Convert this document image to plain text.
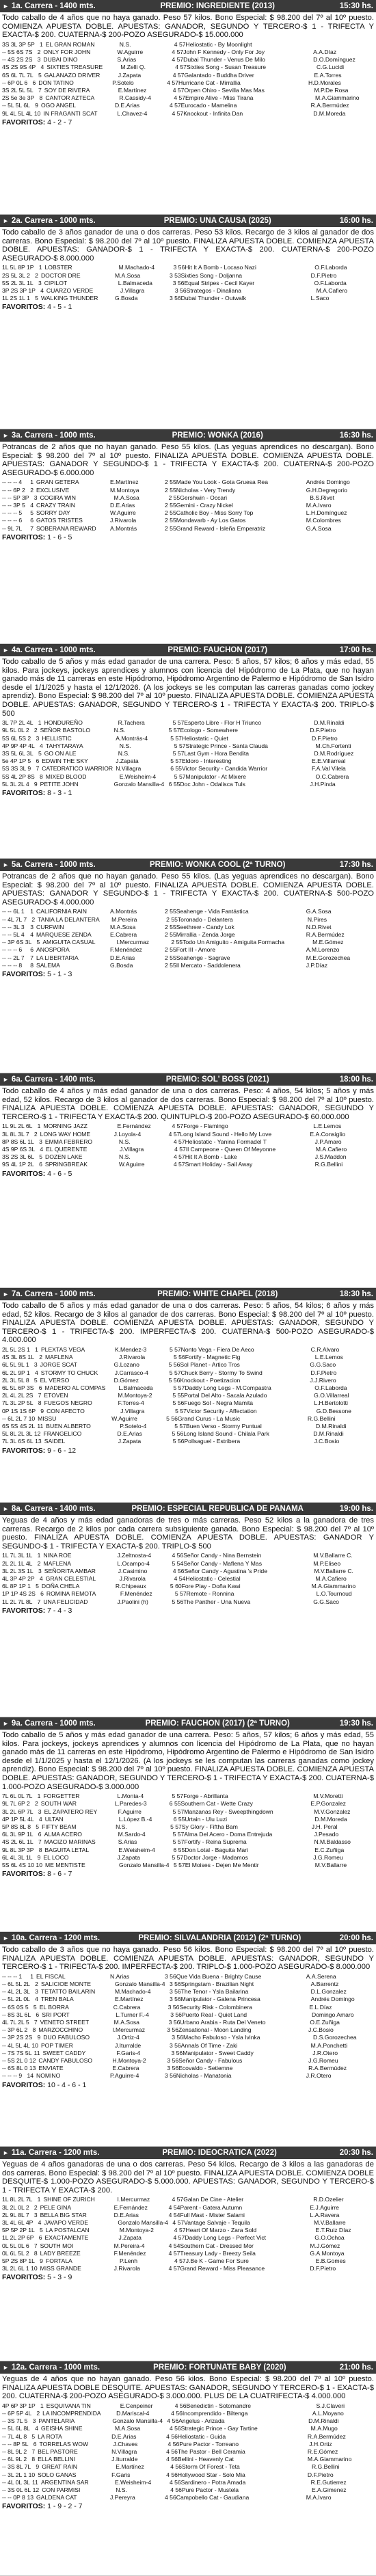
► 1a. Carrera - 1400 mts.	PREMIO: INGREDIENTE (2013)	15:30 hs.
Todo caballo de 4 años que no haya ganado. Peso 57 kilos. Bono Especial: $ 98.200 del 7º al 10º puesto. COMIENZA APUESTA DOBLE. APUESTAS: GANADOR, SEGUNDO Y TERCERO-$ 1 - TRIFECTA Y EXACTA-$ 200. CUATERNA-$ 200-POZO ASEGURADO-$ 15.000.000
3S 3L 3P 5P 1 EL GRAN ROMAN	N.S.	4 57 Heliostatic - By Moonlight
-- 5S 6S 7S 2 ONLY FOR JOHN	W.Aguirre	4 57 John F Kennedy - Only For Joy	A.A.Díaz
-- 4S 2S 2S 3 DUBAI DINO	S.Arias	4 57 Dubai Thunder - Venus De Milo	D.O.Domínguez
4S 2S 9S 4P 4 SIXTIES TREASURE	M.Zelli Q.	4 57 Sixties Song - Susan Treasure	C.G.Lucidi
6S 6L 7L 7L 5 GALANAZO DRIVER	J.Zapata	4 57 Galantado - Buddha Driver	E.A.Torres
-- 6P 0L 6 6 DON TATINO	P.Sotelo	4 57 Hurricane Cat - Mirrallia	H.D.Morales
3S 2L 5L 5L 7 SOY DE RIVERA	E.Martínez	4 57 Orpen Ohiro - Sevilla Mas Mas	M.P.De Rosa
2S 5e 3e 3P 8 CANTOR AZTECA	R.Cassidy-4	4 57 Empire Alive - Miss Tirana	M.A.Giammarino
-- 5L 5L 6L 9 OGO ANGEL	D.E.Arias	4 57 Eurocado - Mamelina	R.A.Bermúdez
9L 4L 5L 4L 10 IN FRAGANTI SCAT	L.Chavez-4	4 57 Knockout - Infinita Dan	D.M.Moreda
FAVORITOS: 4 - 2 - 7
► 2a. Carrera - 1000 mts.	PREMIO: UNA CAUSA (2025)	16:00 hs.
Todo caballo de 3 años ganador de una o dos carreras. Peso 53 kilos. Recargo de 3 kilos al ganador de dos carreras. Bono Especial: $ 98.200 del 7º al 10º puesto. FINALIZA APUESTA DOBLE. COMIENZA APUESTA DOBLE. APUESTAS: GANADOR-$ 1 - TRIFECTA Y EXACTA-$ 200. CUATERNA-$ 200-POZO ASEGURADO-$ 8.000.000
1L 5L 8P 1P 1 LOBSTER	M.Machado-4	3 56 Hit It A Bomb - Locaso Nazi	O.F.Laborda
2S 5L 3L 2 2 DOCTOR DRE	M.A.Sosa	3 53 Sixties Song - Doljanna	D.F.Pietro
5S 2L 3L 1L 3 CIPILOT	L.Balmaceda	3 56 Equal Stripes - Cecil Kayer	O.F.Laborda
3P 2S 3P 1P 4 CUARZO VERDE	J.Villagra	3 56 Strategos - Dinaliana	M.A.Cafiero
1L 2S 1L 1 5 WALKING THUNDER	G.Bosda	3 56 Dubai Thunder - Outwalk	L.Saco
FAVORITOS: 4 - 5 - 1
► 3a. Carrera - 1000 mts.	PREMIO: WONKA (2016)	16:30 hs.
Potrancas de 2 años que no hayan ganado. Peso 55 kilos. (Las yeguas aprendices no descargan). Bono Especial: $ 98.200 del 7º al 10º puesto. FINALIZA APUESTA DOBLE. COMIENZA APUESTA DOBLE. APUESTAS: GANADOR Y SEGUNDO-$ 1 - TRIFECTA Y EXACTA-$ 200. CUATERNA-$ 200-POZO ASEGURADO-$ 6.000.000
-- -- -- 4	1 GRAN GETERA	E.Martínez	2 55 Made You Look - Gota Gruesa Rea	Andrés Domingo
-- -- 6P 2 2 EXCLUSIVE	M.Montoya	2 55 Nicholas - Very Trendy	G.H.Degregorio
-- -- 5P 3P 3 COGIRA WIN	M.A.Sosa	2 55 Gershwin - Occari	B.S.Rivet
-- -- 3P 5 4 CRAZY TRAIN	D.E.Arias	2 55 Gemini - Crazy Nickel	M.A.Ivaro
-- -- -- 5	5 SORRY DAY	W.Aguirre	2 55 Catholic Boy - Miss Sorry Top	L.H.Domínguez
-- -- -- 6	6 GATOS TRISTES	J.Rivarola	2 55 Mondavarb - Ay Los Gatos	M.Colombres
-- 9L 7L	7 SOBERANA REWARD	A.Montrás	2 55 Grand Reward - Isleña Emperatriz	G.A.Sosa
FAVORITOS: 1 - 6 - 5
► 4a. Carrera - 1000 mts.	PREMIO: FAUCHON (2017)	17:00 hs.
Todo caballo de 5 años y más edad ganador de una carrera. Peso: 5 años, 57 kilos; 6 años y más edad, 55 kilos. Para jockeys, jockeys aprendices y alumnos con licencia del Hipódromo de La Plata, que no hayan ganado más de 11 carreras en este Hipódromo, Hipódromo Argentino de Palermo e Hipódromo de San Isidro desde el 1/1/2025 y hasta el 12/1/2026. (A los jockeys se les computan las carreras ganadas como jockey aprendiz). Bono Especial: $ 98.200 del 7º al 10º puesto. FINALIZA APUESTA DOBLE. COMIENZA APUESTA DOBLE. APUESTAS: GANADOR, SEGUNDO Y TERCERO-$ 1 - TRIFECTA Y EXACTA-$ 200. TRIPLO-$ 500
3L 7P 2L 4L 1 HONDUREÑO	R.Tachera	5 57 Esperto Libre - Flor H Triunco	D.M.Rinaldi
9L 5L 0L 2 2 SEÑOR BASTOLO	N.S.	5 57 Ecologo - Somewhere	D.F.Pietro
5S 6L 5S 2 3 HELLISTIC	A.Montrás-4	5 57 Heliostatic - Quiet	D.F.Pietro
4P 9P 4P 4L 4 TAHYTARAYA	N.S.	5 57 Strategic Prince - Santa Clauda	M.Ch.Fortenti
3S 5L 6L 3L 5 GO ON ALE	N.S.	5 57 Last Gym - Hora Bendita	D.M.Rodríguez
5e 4P 1P 5 6 EDWIN THE SKY	J.Zapata	5 57 Eldoro - Interesting	E.E.Villarreal
5S 3S 3L 9 7 CATEDRATICO WARRIOR N.Villagra	6 55 Victor Security - Candida Warrior	F.A.Val Vilela
5S 4L 2P 8S 8 MIXED BLOOD	E.Weisheim-4	5 57 Manipulator - At Mixere	O.C.Cabrera
5L 3L 2L 4 9 PETITE JOHN	Gonzalo Mansilla-4 6 55 Doc John - Odalisca Tuls	J.H.Pinda
FAVORITOS: 8 - 3 - 1
► 5a. Carrera - 1000 mts.	PREMIO: WONKA COOL (2ª TURNO)	17:30 hs.
Potrancas de 2 años que no hayan ganado. Peso 55 kilos. (Las yeguas aprendices no descargan). Bono Especial: $ 98.200 del 7º al 10º puesto. FINALIZA APUESTA DOBLE. COMIENZA APUESTA DOBLE. APUESTAS: GANADOR Y SEGUNDO-$ 1 - TRIFECTA Y EXACTA-$ 200. CUATERNA-$ 500-POZO ASEGURADO-$ 4.000.000
-- -- 6L 1 1 CALIFORNIA RAIN	A.Montrás	2 55 Seahenge - Vida Fantástica	G.A.Sosa
-- 4L 7L 7 2 TANIA LA DELANTERA	M.Pereira	2 55 Toronado - Delantera	N.Pires
-- -- 3L 3 3 CURFWIN	M.A.Sosa	2 55 Seethrew - Candy Lok	N.D.Rivet
-- -- 5L 4 4 MARQUESE ZENDA	E.Cabrera	2 55 Mirrallia - Zenda Jorge	R.A.Bermúdez
-- 3P 6S 3L 5 AMIGUITA CASUAL	I.Mercurmaz	2 55 Todo Un Amiguito - Amiguita Formacha	M.E.Gómez
-- -- -- 6	6 ANOSPORA	F.Menéndez	2 55 Fort III - Amore	A.M.Lorenzo
-- -- 2L 7 7 LA LIBERTARIA	D.E.Arias	2 55 Seahenge - Sagrave	M.E.Gorozechea
-- -- -- 8	8 SALEMA	G.Bosda	2 55 Il Mercato - Saddolenera	J.P.Díaz
FAVORITOS: 5 - 1 - 3
► 6a. Carrera - 1400 mts.	PREMIO: SOL' BOSS (2021)	18:00 hs.
Todo caballo de 4 años y más edad ganador de una o dos carreras. Peso: 4 años, 54 kilos; 5 años y más edad, 52 kilos. Recargo de 3 kilos al ganador de dos carreras. Bono Especial: $ 98.200 del 7º al 10º puesto. FINALIZA APUESTA DOBLE. COMIENZA APUESTA DOBLE. APUESTAS: GANADOR, SEGUNDO Y TERCERO-$ 1 - TRIFECTA Y EXACTA-$ 200. QUINTUPLO-$ 200-POZO ASEGURADO-$ 60.000.000
1L 9L 2L 6L 1 MORNING JAZZ	E.Fernández	4 57 Forge - Flamingo	L.E.Lemos
3L 8L 3L 7 2 LONG WAY HOME	J.Loyola-4	4 57 Long Island Sound - Hello My Love	E.A.Consiglio
8P 8S 6L 1L 3 EMMA FEBRERO	N.S.	4 57 Heliostatic - Yanina Formadel T	J.P.Amaro
4S 9P 6S 3L 4 EL QUERENTE	J.Villagra	4 57 Il Campeone - Queen Of Meyonne	M.A.Cafiero
3S 2S 3L 6L 5 DOZEN LAKE	N.S.	4 57 Hit It A Bomb - Lake	J.S.Maddon
9S 4L 1P 2L 6 SPRINGBREAK	W.Aguirre	4 57 Smart Holiday - Sail Away	R.G.Bellini
FAVORITOS: 4 - 6 - 5
► 7a. Carrera - 1000 mts.	PREMIO: WHITE CHAPEL (2018)	18:30 hs.
Todo caballo de 5 años y más edad ganador de una o dos carreras. Peso: 5 años, 54 kilos; 6 años y más edad, 52 kilos. Recargo de 3 kilos al ganador de dos carreras. Bono Especial: $ 98.200 del 7º al 10º puesto. FINALIZA APUESTA DOBLE. COMIENZA APUESTA DOBLE. APUESTAS: GANADOR, SEGUNDO Y TERCERO-$ 1 - TRIFECTA-$ 200. IMPERFECTA-$ 200. CUATERNA-$ 500-POZO ASEGURADO-$ 4.000.000
2L 5L 2S 1 1 PLEXTAS VEGA	K.Mendez-3	5 57 Nonto Vega - Fiera De Aeco	C.R.Alvaro
4S 3L 8S 1L 2 MAFLENA	J.Rivarola	5 56 Fortify - Magnetic Fig	L.E.Lemos
6L 5L 9L 1 3 JORGE SCAT	G.Lozano	5 56 Sol Planet - Artico Tros	G.G.Saco
6L 2L 9P 1 4 STORMY TO CHUCK	J.Carrasco-4	5 57 Chuck Berry - Stormy To Swind	D.F.Pietro
2L 3L 5L 8 5 EL VERSO	D.Gómez	5 56 Knockout - Poetizacion	J.J.Rivero
6L 5L 6P 3S 6 MADERO AL COMPAS	L.Balmaceda	5 57 Daddy Long Legs - M.Compastra	O.F.Laborda
2L 4L 2L 2S 7 ETOVEN	M.Montoya-2	5 55 Portal Del Alto - Sacala Azulado	G.O.Villarreal
7L 3L 2P 5L 8 FUEGOS NEGRO	F.Torres-4	5 56 Fuego Sol - Negra Mamita	L.H.Bertolotti
0P 1S 1S 6P 9 CON AFECTO	J.Villagra	5 57 Victor Security - Affectation	G.D.Bessone
-- 6L 2L 7 10 MISSU	W.Aguirre	5 56 Grand Curus - La Music	R.G.Bellini
6S 5S 4S 2L 11 BUEN ALBERTO	P.Sotelo-4	5 57 Buen Verso - Stormy Puntual	D.M.Rinaldi
5L 8L 2L 3L 12 FRANGELICO	D.E.Arias	5 56 Long Island Sound - Chilala Park	D.M.Rinaldi
7L 3L 6S 6L 13 SAIDEL	J.Zapata	5 56 Pollsaguel - Estribera	J.C.Bosio
FAVORITOS: 9 - 6 - 12
► 8a. Carrera - 1400 mts.	PREMIO: ESPECIAL REPUBLICA DE PANAMA	19:00 hs.
Yeguas de 4 años y más edad ganadoras de tres o más carreras. Peso 52 kilos a la ganadora de tres carreras. Recargo de 2 kilos por cada carrera subsiguiente ganada. Bono Especial: $ 98.200 del 7º al 10º puesto. FINALIZA APUESTA DOBLE. COMIENZA APUESTA DOBLE. APUESTAS: GANADOR Y SEGUNDO-$ 1 - TRIFECTA Y EXACTA-$ 200. TRIPLO-$ 500
1L 7L 3L 1L 1 NINA ROE	J.Zeltnosta-4	4 56 Señor Candy - Nina Bernstein	M.V.Ballarre C.
2L 2L 1L 4L 2 MAFLENA	L.Ocampo-4	5 54 Señor Candy - Maflena Y Mas	M.P.Eliseo
3L 2L 3S 1L 3 SEÑORITA AMBAR	J.Casimino	4 56 Señor Candy - Agustina 's Pride	M.V.Ballarre C.
4L 3P 4P 2P 4 GRAN CELESTIAL	J.Rivarola	4 54 Heliostatic - Celestial	M.A.Cafiero
6L 8P 1P 1 5 DOÑA CHELA	R.Chipeaux	5 60 Fore Play - Doña Kawi	M.A.Giammarino
1P 1P 4S 2S 6 ROMINA REMOTA	F.Menéndez	5 57 Remote - Ronnina	L.O.Tournoud
1L 2L 7L 8L 7 UNA FELICIDAD	J.Paolini (h)	5 56 The Panther - Una Nueva	G.G.Saco
FAVORITOS: 7 - 4 - 3
► 9a. Carrera - 1000 mts.	PREMIO: FAUCHON (2017) (2ª TURNO)	19:30 hs.
Todo caballo de 5 años y más edad ganador de una carrera. Peso: 5 años, 57 kilos; 6 años y más edad, 55 kilos. Para jockeys, jockeys aprendices y alumnos con licencia del Hipódromo de La Plata, que no hayan ganado más de 11 carreras en este Hipódromo, Hipódromo Argentino de Palermo e Hipódromo de San Isidro desde el 1/1/2025 y hasta el 12/1/2026. (A los jockeys se les computan las carreras ganadas como jockey aprendiz). Bono Especial: $ 98.200 del 7º al 10º puesto. FINALIZA APUESTA DOBLE. COMIENZA APUESTA DOBLE. APUESTAS: GANADOR, SEGUNDO Y TERCERO-$ 1 - TRIFECTA Y EXACTA-$ 200. CUATERNA-$ 1.000-POZO ASEGURADO-$ 3.000.000
7L 6L 0L 7L 1 FORGETTER	L.Monta-4	5 57 Forge - Abrillanta	M.V.Moretti
9L 7L 6P 2 2 SOUTH WAR	L.Paredes-3	6 55 Southern Cat - Wette Crazy	E.P.Gonzalez
3L 2L 6P 7L 3 EL ZAPATERO REY	F.Aguirre	5 57 Manzanas Rey - Sweepthingdown	M.V.Gonzalez
4P 1P 5L 4L 4 ULTAN	L.López B.-4	6 55 Urtain - Ulu Luzi	D.M.Moreda
5P 8S 8L 8 5 FIFTY BEAM	N.S.	5 57 Sy Glory - Fiftha Bam	J.H. Peral
6L 3L 9P 1L 6 ALMA ACERO	M.Sardo-4	5 57 Alma Del Acero - Doma Entrejuda	J.Pesado
4S 2L 6L 1L 7 MACIZO MARINAS	S.Arias	5 57 Fortify - Reina Suprema	N.M.Baldasso
9L 8L 3P 3P 8 BAGUITA LETAL	E.Weisheim-4	6 55 Don Lotal - Baguita Mari	E.C.Zuñiga
6L 4L 3L 1L 9 EL LOCO	J.Zapata	5 57 Doctor Jorge - Madamos	J.G.Romeu
5S 6L 4S 10 10 ME MENTISTE	Gonzalo Mansilla-4 5 57 El Moises - Dejen Me Mentir	M.V.Ballarre
FAVORITOS: 8 - 6 - 7
► 10a. Carrera - 1200 mts.	PREMIO: SILVALANDRIA (2012) (2ª TURNO)	20:00 hs.
Todo caballo de 3 años que no haya ganado. Peso 56 kilos. Bono Especial: $ 98.200 del 7º al 10º puesto. FINALIZA APUESTA DOBLE. COMIENZA APUESTA DOBLE. APUESTAS: GANADOR, SEGUNDO Y TERCERO-$ 1 - TRIFECTA-$ 200. IMPERFECTA-$ 200. TRIPLO-$ 1.000-POZO ASEGURADO-$ 8.000.000
-- -- -- 1	1 EL FISCAL	N.Arias	3 56 Que Vida Buena - Brighty Cause	A.A.Serena
-- 6L 5L 2L 2 SALICIOE MONTE	Gonzalo Mansilla-4 3 56 Springstam - Brazilian Night	A.Barrentz
-- 4L 2L 3L 3 TETATTO BAILARIN	M.Machado-4	3 56 The Tenor - Ysla Bailarina	D.L.Gonzalez
-- 5L 2L 0L 4 TREN BALA	E.Martínez	3 56 Manipulator - Galena Princesa	Andrés Domingo
-- 6S 0S 5 5 EL BORRA	C.Cabrera	3 56 Security Risk - Colombinera	E.L.Díaz
-- 8S 3L 6L 6 SRI PORT	L.Turner F.-4	3 56 Puerto Real - Quiet Land	Domingo Amaro
4L 7L 2L 5 7 VENETO STREET	M.A.Sosa	3 56 Urbano Arabia - Ruta Del Veneto	O.E.Zuñiga
-- 3P 6L 2 8 MARZOCCHINO	I.Mercurmaz	3 56 Zensational - Moon Landing	J.C.Bosio
-- 3P 2S 2S 9 DUO FABULOSO	J.Ortiz-4	3 56 Macho Fabuloso - Ysla Ivinka	D.S.Gorozechea
-- 4L 5L 4L 10 POP TIMER	J.Iturralde	3 56 Annals Of Time - Zaki	M.A.Ponchetti
-- 7S 7S 5L 11 SWEET CADDY	F.Garis-4	3 56 Manipulator - Sweet Caddy	J.R.Otero
-- 5S 2L 0 12 CANDY FABULOSO	H.Montoya-2	3 56 Señor Candy - Fabulous	J.G.Romeu
-- 6S 8L 0 13 ENVIATE	E.Cabrera	3 56 Ecovaldo - Setiemne	R.A.Bermúdez
-- -- -- 9 14 NOMINO	P.Aguirre-4	3 56 Nicholas - Manatonia	J.R.Otero
FAVORITOS: 10 - 4 - 6 - 1
► 11a. Carrera - 1200 mts.	PREMIO: IDEOCRATICA (2022)	20:30 hs.
Yeguas de 4 años ganadoras de una o dos carreras. Peso 54 kilos. Recargo de 3 kilos a las ganadoras de dos carreras. Bono Especial: $ 98.200 del 7º al 10º puesto. FINALIZA APUESTA DOBLE. COMIENZA DOBLE DESQUITE-$ 1.000-POZO ASEGURADO-$ 5.000.000. APUESTAS: GANADOR, SEGUNDO Y TERCERO-$ 1 - TRIFECTA Y EXACTA-$ 200.
1L 8L 2L 7L 1 SHINE OF ZURICH	I.Mercurmaz	4 57 Galan De Cine - Atelier	R.D.Ozelier
3L 2L 0L 2 2 PELE GINA	E.Fernández	4 54 Parent - Gatera Autumn	E.J.Aguirre
2L 9L 8L 7 3 BELLA BIG STAR	D.E.Arias	4 54 Full Mast - Mister Salami	L.A.Ravera
3L 4L 6L 4P 4 JAVAPO VERDE	Gonzalo Mansilla-4 4 57 Vantage Salvaje - Tequila	M.V.Ballarre
5P 5P 2P 1L 5 LA POSTALCAN	M.Montoya-2	4 57 Heart Of Marzo - Zara Sold	E.T.Ruiz Díaz
1L 2L 2P 6P 6 EXACTAMENTE	J.Zapata	4 57 Daddy Long Legs - Perfect Vict	G.O.Ochoa
0L 5L 0L 6 7 SOUTH MOI	M.Pereira-4	4 54 Southern Cat - Dressed Mor	M.J.Gómez
0L 6L 5L 2 8 LADY BREEZE	F.Menéndez	4 57 Treasury Lady - Breezy Seila	G.A.Montoya
5P 2S 8P 1L 9 FORTALA	P.Lenh	4 57 J.Be K - Game For Sure	E.B.Gomes
3L 2L 6L 1 10 MISS GRANDE	J.Rivarola	4 57 Grand Reward - Miss Pleasance	D.F.Pietro
FAVORITOS: 5 - 3 - 9
► 12a. Carrera - 1000 mts.	PREMIO: FORTUNATE BABY (2020)	21:00 hs.
Yeguas de 4 años que no hayan ganado. Peso 56 kilos. Bono Especial: $ 98.200 del 7º al 10º puesto. FINALIZA APUESTA DOBLE DESQUITE. APUESTAS: GANADOR, SEGUNDO Y TERCERO-$ 1 - EXACTA-$ 200. CUATERNA-$ 200-POZO ASEGURADO-$ 3.000.000. PLUS DE LA CUATRIFECTA-$ 4.000.000
4P 6P 3P 1P 1 ESQUIVANA TIN	E.Cenpeiner	4 56 Benedictin - Sotomandre	S.J.Claveri
-- 6P 5P 4L 2 LA INCOMPRENDIDA	D.Mariscal-4	4 56 Incomprendido - Biltenga	A.L.Moyano
-- 3S 7L 5 3 PANTELARIA	Gonzalo Mansilla-4 4 56 Angelus - Arizada	D.M.Rinaldi
-- 5L 6L 8L 4 GEISHA SHINE	M.A.Sosa	4 56 Strategic Prince - Gay Tartine	M.A.Mugo
-- 7L 4L 8 5 LA ROTA	D.E.Arias	4 56 Heliostatic - Guida	R.A.Bermúdez
-- -- 8P 5L 6 TORRELAS WOW	J.Chaves	4 56 Pure Pactor - Torreano	J.H.Ortiz
-- 8L 9L 2 7 BEL PASTORE	N.Villagra	4 56 The Pastor - Bell Ceramia	R.E.Gómez
-- 6L 9L 2 8 ELLA BELLINI	J.Iturralde	4 56 Bellini - Heavenly Cat	M.A.Giammarino
-- 3S 8L 7L 9 GREAT RAIN	E.Martínez	4 56 Storm Of Forest - Teta	R.G.Bellini
-- 3L 2L 1 10 SOLO GANAS	F.Garis	4 56 Hollywood Star - Solo Mia	D.F.Pietro
-- 4L 0L 3L 11 ARGENTINA SAR	E.Weisheim-4	4 56 Sardinero - Potra Amada	R.E.Gutierrez
-- 3S 0L 6L 12 CON PARMISI	N.S.	4 56 Pure Pactor - Mustela	E.A.Gimenez
-- -- 0P 8 13 GALDENA CAT	J.Pereyra	4 56 Campobello Cat - Gaudiana	M.A.Ivaro
FAVORITOS: 1 - 9 - 2 - 7
